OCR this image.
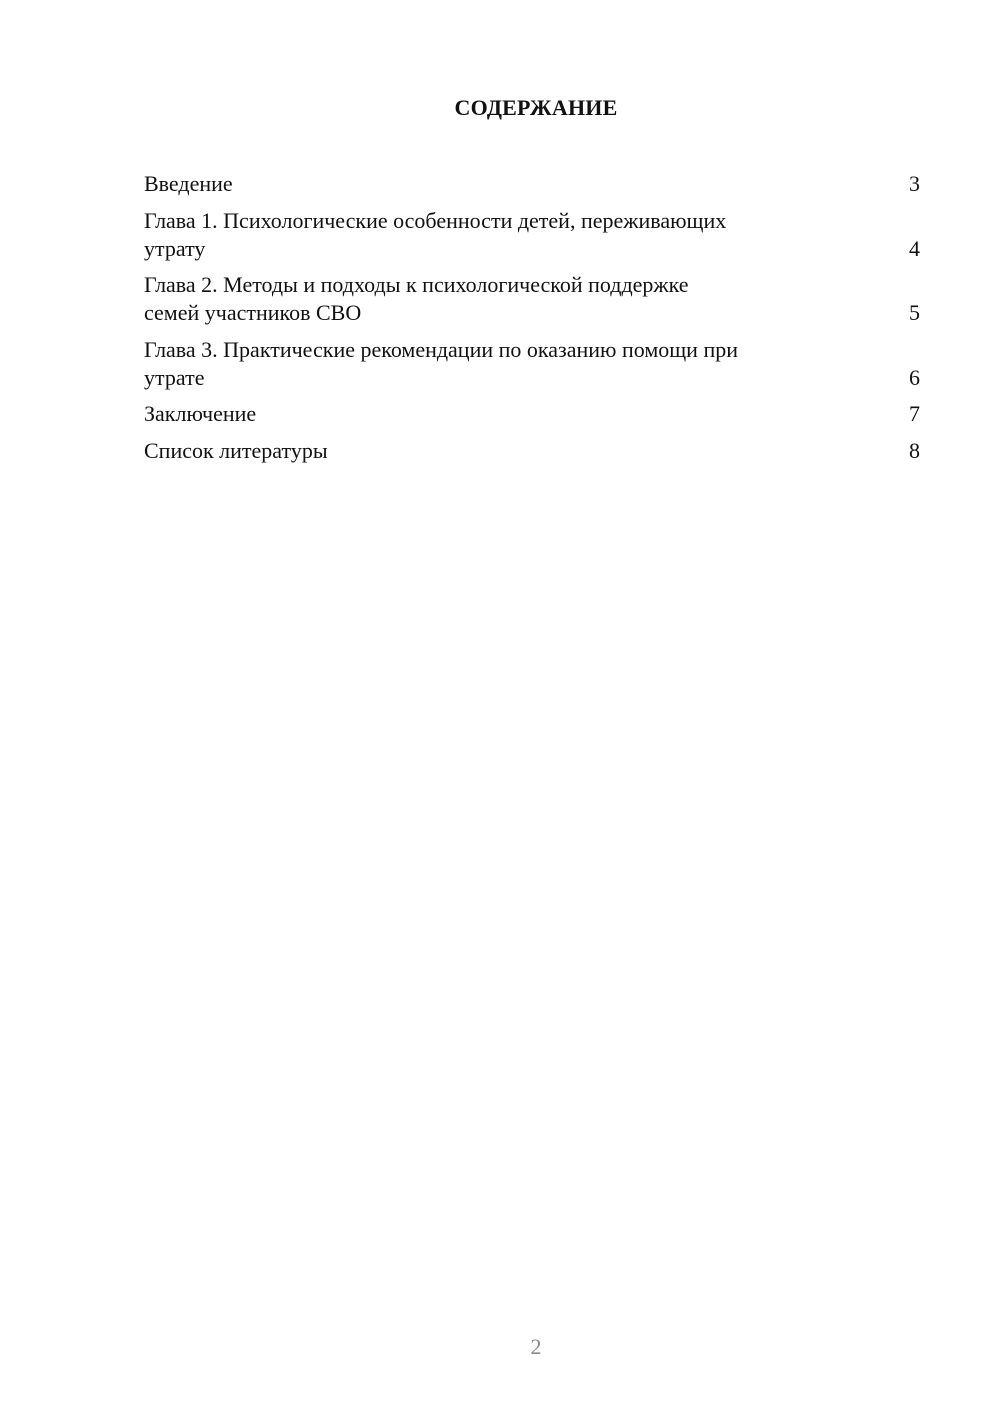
СОДЕРЖАНИЕ
Введение	3
Глава 1. Психологические особенности детей, переживающих
утрату	4
Глава 2. Методы и подходы к психологической поддержке
семей участников СВО	5
Глава 3. Практические рекомендации по оказанию помощи при
утрате	6
Заключение	7
Список литературы	8
2
